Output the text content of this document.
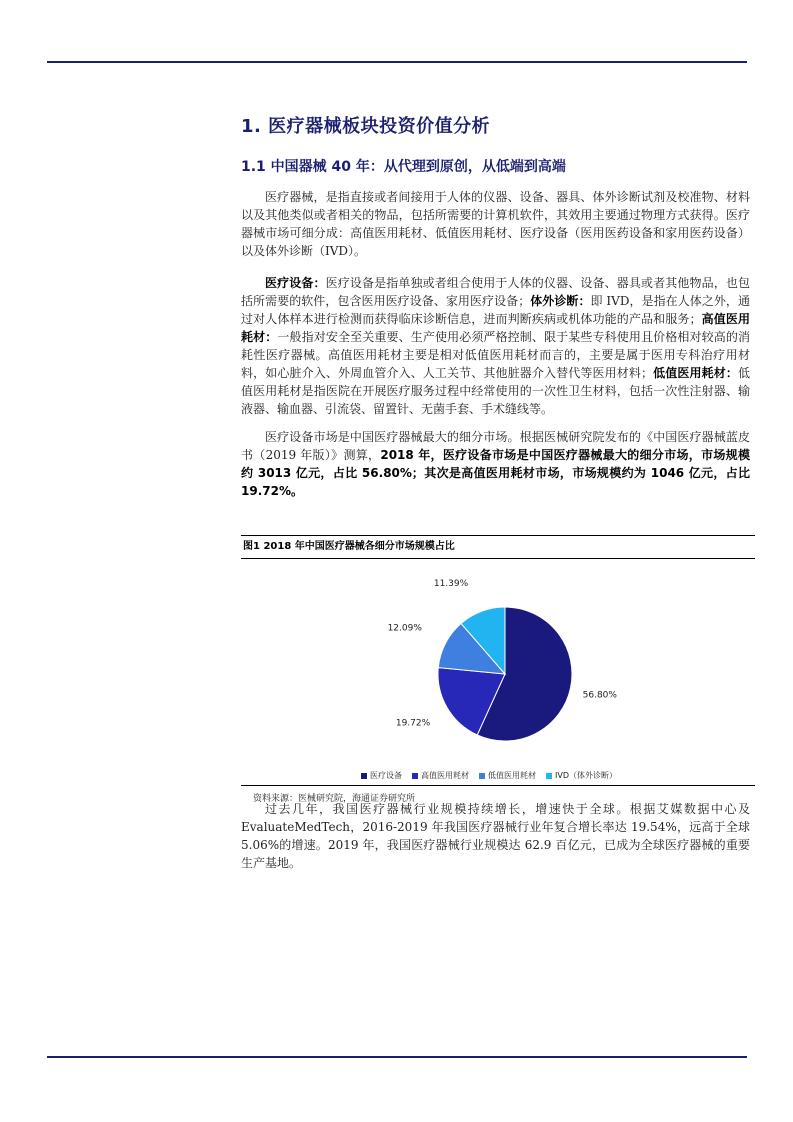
1. 医疗器械板块投资价值分析
1.1 中国器械 40 年：从代理到原创，从低端到高端

医疗器械，是指直接或者间接用于人体的仪器、设备、器具、体外诊断试剂及校准物、材料以及其他类似或者相关的物品，包括所需要的计算机软件，其效用主要通过物理方式获得。医疗器械市场可细分成：高值医用耗材、低值医用耗材、医疗设备（医用医药设备和家用医药设备）以及体外诊断（IVD）。

医疗设备：医疗设备是指单独或者组合使用于人体的仪器、设备、器具或者其他物品，也包括所需要的软件，包含医用医疗设备、家用医疗设备；体外诊断：即 IVD，是指在人体之外，通过对人体样本进行检测而获得临床诊断信息，进而判断疾病或机体功能的产品和服务；高值医用耗材：一般指对安全至关重要、生产使用必须严格控制、限于某些专科使用且价格相对较高的消耗性医疗器械。高值医用耗材主要是相对低值医用耗材而言的，主要是属于医用专科治疗用材料，如心脏介入、外周血管介入、人工关节、其他脏器介入替代等医用材料；低值医用耗材：低值医用耗材是指医院在开展医疗服务过程中经常使用的一次性卫生材料，包括一次性注射器、输液器、输血器、引流袋、留置针、无菌手套、手术缝线等。

医疗设备市场是中国医疗器械最大的细分市场。根据医械研究院发布的《中国医疗器械蓝皮书（2019 年版）》测算，2018 年，医疗设备市场是中国医疗器械最大的细分市场，市场规模约 3013 亿元，占比 56.80%；其次是高值医用耗材市场，市场规模约为 1046 亿元，占比 19.72%。

图1 2018 年中国医疗器械各细分市场规模占比
56.80%
19.72%
12.09%
11.39%
医疗设备 高值医用耗材 低值医用耗材 IVD（体外诊断）
资料来源：医械研究院，海通证券研究所

过去几年，我国医疗器械行业规模持续增长，增速快于全球。根据艾媒数据中心及 EvaluateMedTech，2016-2019 年我国医疗器械行业年复合增长率达 19.54%，远高于全球 5.06%的增速。2019 年，我国医疗器械行业规模达 62.9 百亿元，已成为全球医疗器械的重要生产基地。
